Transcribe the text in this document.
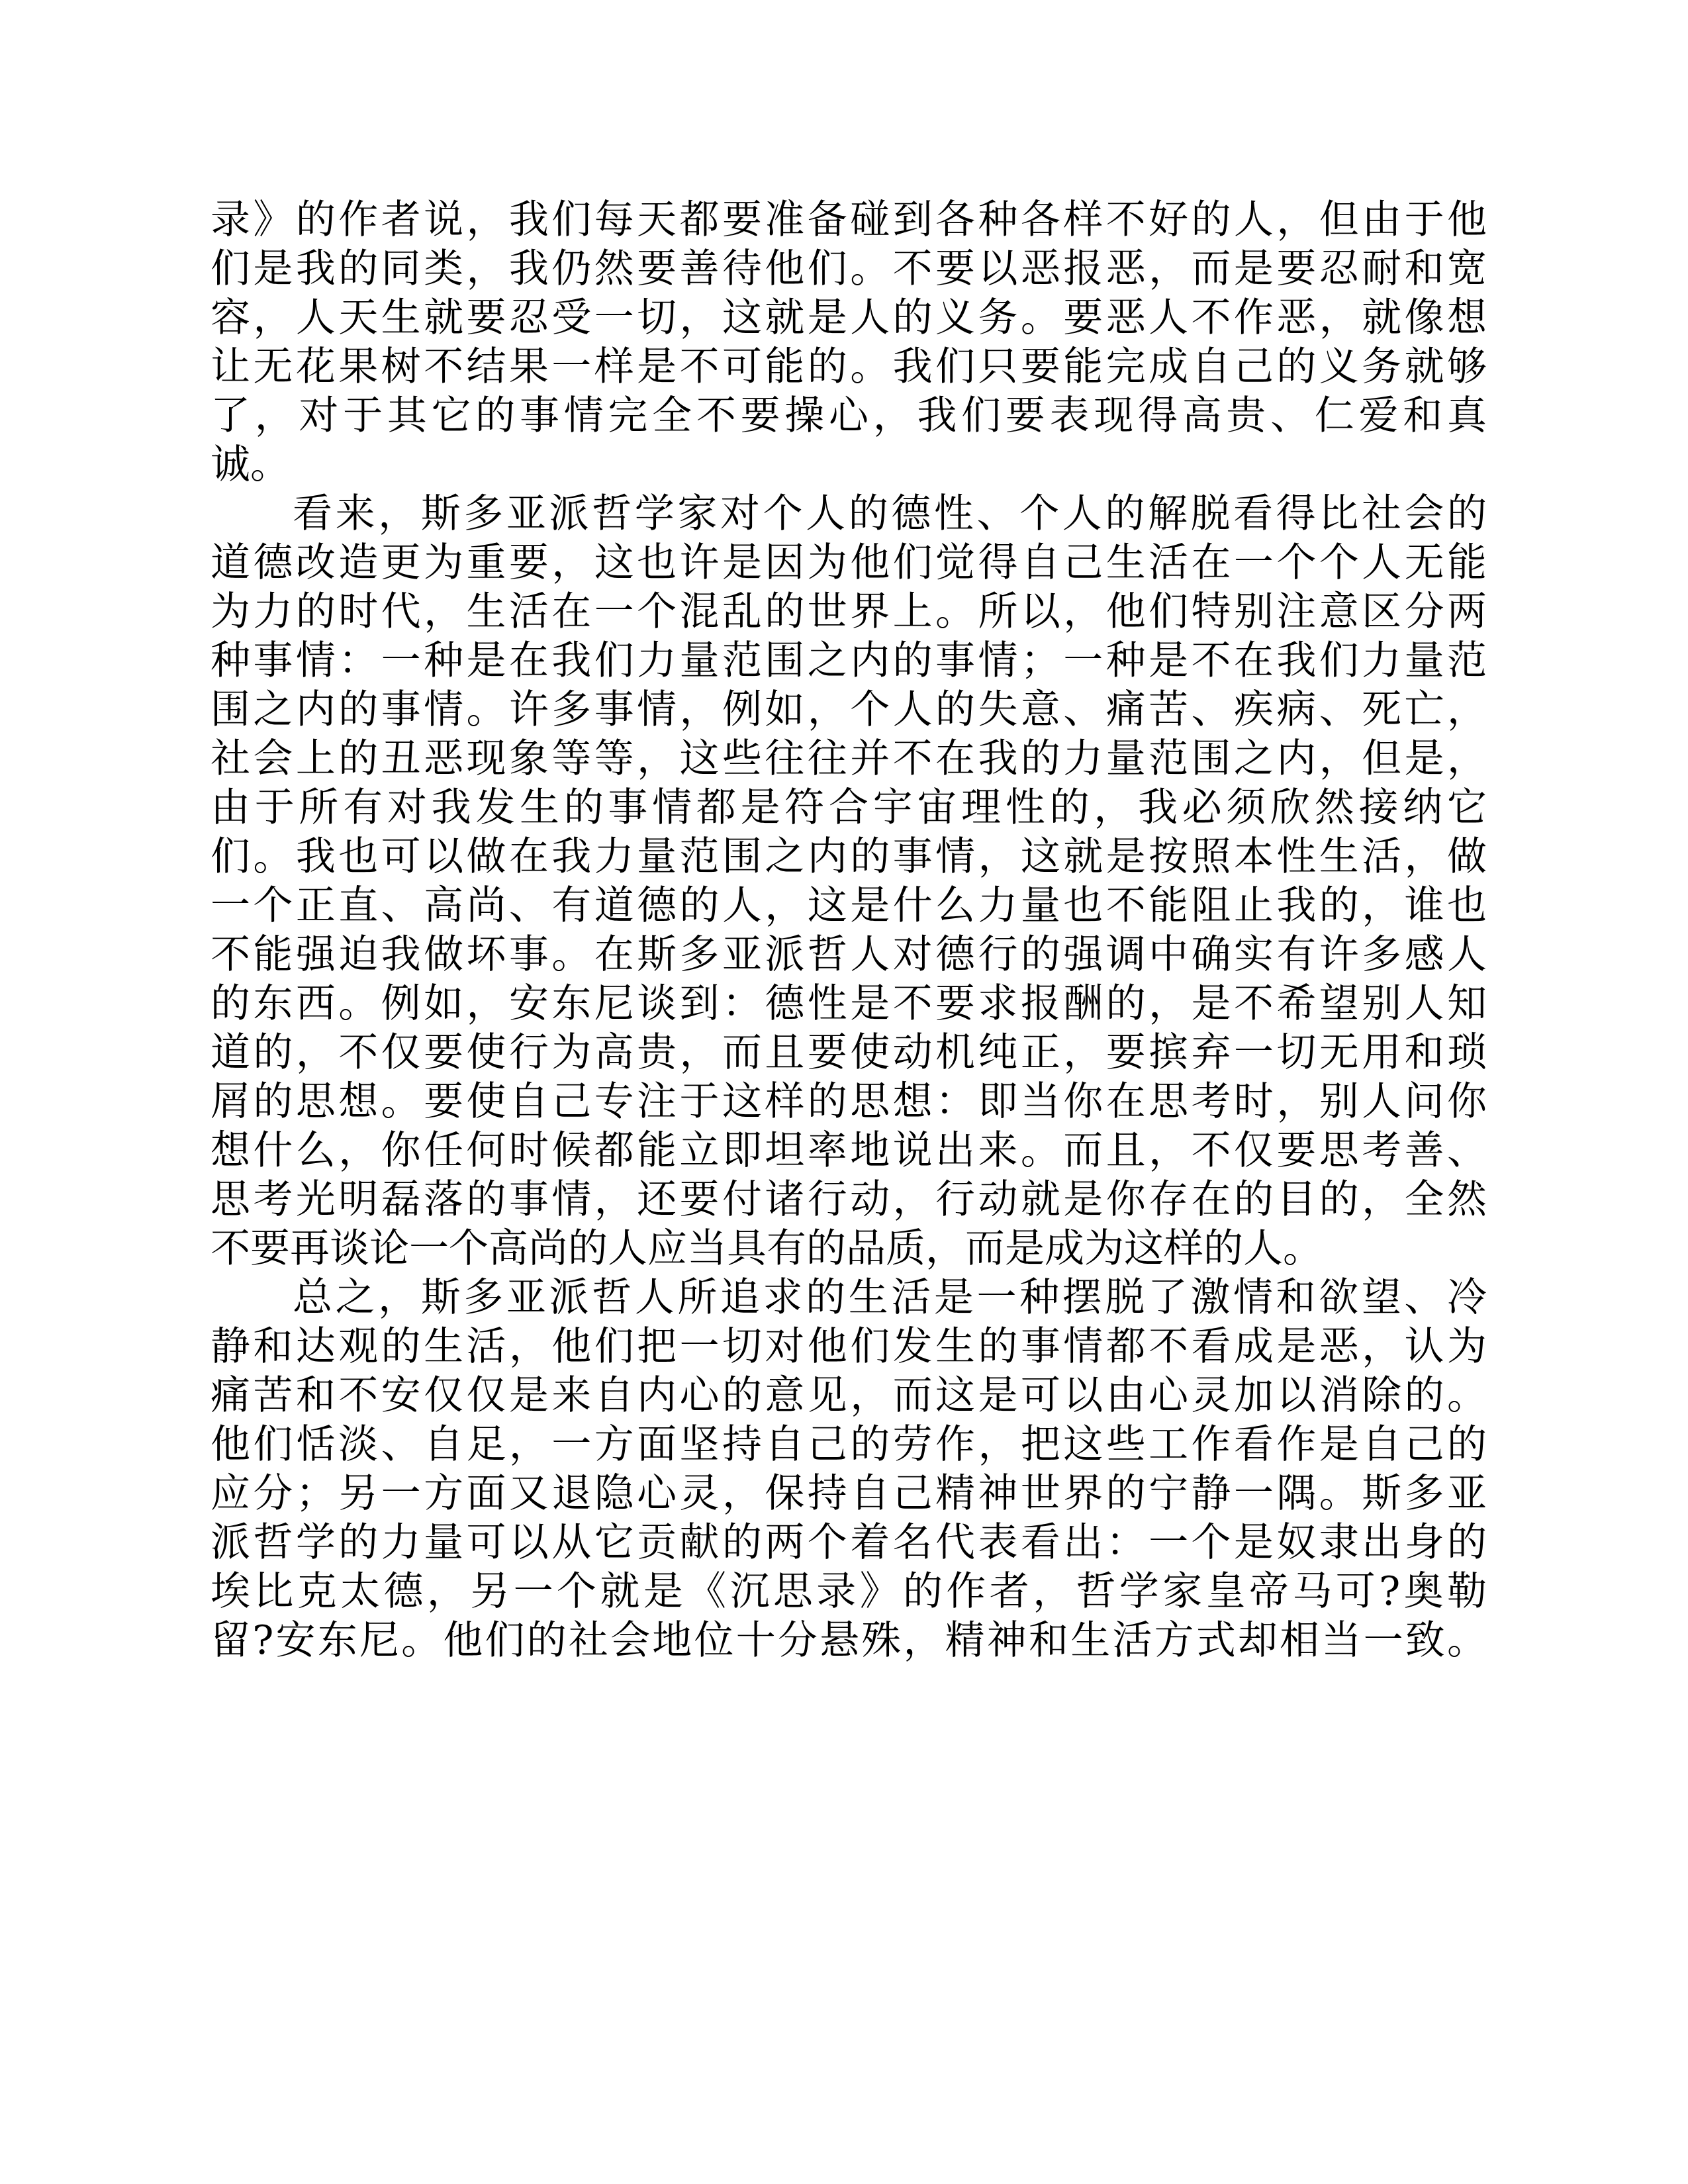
录》的作者说，我们每天都要准备碰到各种各样不好的人，但由于他
们是我的同类，我仍然要善待他们。不要以恶报恶，而是要忍耐和宽
容，人天生就要忍受一切，这就是人的义务。要恶人不作恶，就像想
让无花果树不结果一样是不可能的。我们只要能完成自己的义务就够
了，对于其它的事情完全不要操心，我们要表现得高贵、仁爱和真
诚。
看来，斯多亚派哲学家对个人的德性、个人的解脱看得比社会的
道德改造更为重要，这也许是因为他们觉得自己生活在一个个人无能
为力的时代，生活在一个混乱的世界上。所以，他们特别注意区分两
种事情：一种是在我们力量范围之内的事情；一种是不在我们力量范
围之内的事情。许多事情，例如，个人的失意、痛苦、疾病、死亡，
社会上的丑恶现象等等，这些往往并不在我的力量范围之内，但是，
由于所有对我发生的事情都是符合宇宙理性的，我必须欣然接纳它
们。我也可以做在我力量范围之内的事情，这就是按照本性生活，做
一个正直、高尚、有道德的人，这是什么力量也不能阻止我的，谁也
不能强迫我做坏事。在斯多亚派哲人对德行的强调中确实有许多感人
的东西。例如，安东尼谈到：德性是不要求报酬的，是不希望别人知
道的，不仅要使行为高贵，而且要使动机纯正，要摈弃一切无用和琐
屑的思想。要使自己专注于这样的思想：即当你在思考时，别人问你
想什么，你任何时候都能立即坦率地说出来。而且，不仅要思考善、
思考光明磊落的事情，还要付诸行动，行动就是你存在的目的，全然
不要再谈论一个高尚的人应当具有的品质，而是成为这样的人。
总之，斯多亚派哲人所追求的生活是一种摆脱了激情和欲望、冷
静和达观的生活，他们把一切对他们发生的事情都不看成是恶，认为
痛苦和不安仅仅是来自内心的意见，而这是可以由心灵加以消除的。
他们恬淡、自足，一方面坚持自己的劳作，把这些工作看作是自己的
应分；另一方面又退隐心灵，保持自己精神世界的宁静一隅。斯多亚
派哲学的力量可以从它贡献的两个着名代表看出：一个是奴隶出身的
埃比克太德，另一个就是《沉思录》的作者，哲学家皇帝马可?奥勒
留?安东尼。他们的社会地位十分悬殊，精神和生活方式却相当一致。
